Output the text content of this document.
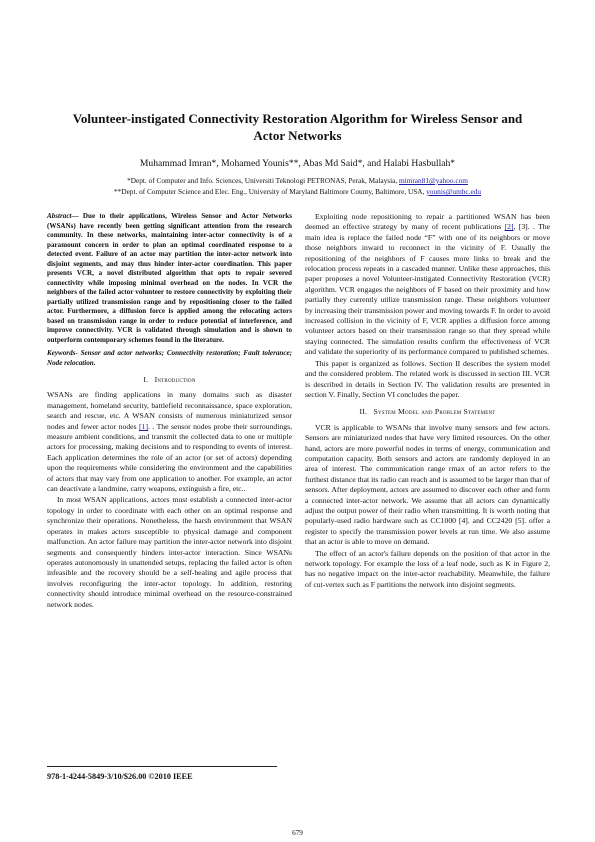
Volunteer-instigated Connectivity Restoration Algorithm for Wireless Sensor and
Actor Networks
Muhammad Imran*, Mohamed Younis**, Abas Md Said*, and Halabi Hasbullah*
*Dept. of Computer and Info. Sciences, Universiti Teknologi PETRONAS, Perak, Malaysia, mimran81@yahoo.com
**Dept. of Computer Science and Elec. Eng., University of Maryland Baltimore County, Baltimore, USA, younis@umbc.edu

Abstract— Due to their applications, Wireless Sensor and Actor Networks (WSANs) have recently been getting significant attention from the research community. In these networks, maintaining inter-actor connectivity is of a paramount concern in order to plan an optimal coordinated response to a detected event. Failure of an actor may partition the inter-actor network into disjoint segments, and may thus hinder inter-actor coordination. This paper presents VCR, a novel distributed algorithm that opts to repair severed connectivity while imposing minimal overhead on the nodes. In VCR the neighbors of the failed actor volunteer to restore connectivity by exploiting their partially utilized transmission range and by repositioning closer to the failed actor. Furthermore, a diffusion force is applied among the relocating actors based on transmission range in order to reduce potential of interference, and improve connectivity. VCR is validated through simulation and is shown to outperform contemporary schemes found in the literature.

Keywords- Sensor and actor networks; Connectivity restoration; Fault tolerance; Node relocation.

I. Introduction

WSANs are finding applications in many domains such as disaster management, homeland security, battlefield reconnaissance, space exploration, search and rescue, etc. A WSAN consists of numerous miniaturized sensor nodes and fewer actor nodes [1]. . The sensor nodes probe their surroundings, measure ambient conditions, and transmit the collected data to one or multiple actors for processing, making decisions and to responding to events of interest. Each application determines the role of an actor (or set of actors) depending upon the requirements while considering the environment and the capabilities of actors that may vary from one application to another. For example, an actor can deactivate a landmine, carry weapons, extinguish a fire, etc..

In most WSAN applications, actors must establish a connected inter-actor topology in order to coordinate with each other on an optimal response and synchronize their operations. Nonetheless, the harsh environment that WSAN operates in makes actors susceptible to physical damage and component malfunction. An actor failure may partition the inter-actor network into disjoint segments and consequently hinders inter-actor interaction. Since WSANs operates autonomously in unattended setups, replacing the failed actor is often infeasible and the recovery should be a self-healing and agile process that involves reconfiguring the inter-actor topology. In addition, restoring connectivity should introduce minimal overhead on the resource-constrained network nodes.

Exploiting node repositioning to repair a partitioned WSAN has been deemed an effective strategy by many of recent publications [2], [3]. . The main idea is replace the failed node “F” with one of its neighbors or move those neighbors inward to reconnect in the vicinity of F. Usually the repositioning of the neighbors of F causes more links to break and the relocation process repeats in a cascaded manner. Unlike these approaches, this paper proposes a novel Volunteer-instigated Connectivity Restoration (VCR) algorithm. VCR engages the neighbors of F based on their proximity and how partially they currently utilize transmission range. These neighbors volunteer by increasing their transmission power and moving towards F. In order to avoid increased collision in the vicinity of F, VCR applies a diffusion force among volunteer actors based on their transmission range so that they spread while staying connected. The simulation results confirm the effectiveness of VCR and validate the superiority of its performance compared to published schemes.

This paper is organized as follows. Section II describes the system model and the considered problem. The related work is discussed in section III. VCR is described in details in Section IV. The validation results are presented in section V. Finally, Section VI concludes the paper.

II. System Model and Problem Statement

VCR is applicable to WSANs that involve many sensors and few actors. Sensors are miniaturized nodes that have very limited resources. On the other hand, actors are more powerful nodes in terms of energy, communication and computation capacity. Both sensors and actors are randomly deployed in an area of interest. The communication range rmax of an actor refers to the furthest distance that its radio can reach and is assumed to be larger than that of sensors. After deployment, actors are assumed to discover each other and form a connected inter-actor network. We assume that all actors can dynamically adjust the output power of their radio when transmitting. It is worth noting that popularly-used radio hardware such as CC1000 [4]. and CC2420 [5]. offer a register to specify the transmission power levels at run time. We also assume that an actor is able to move on demand.

The effect of an actor's failure depends on the position of that actor in the network topology. For example the loss of a leaf node, such as K in Figure 2, has no negative impact on the inter-actor reachability. Meanwhile, the failure of cut-vertex such as F partitions the network into disjoint segments.

978-1-4244-5849-3/10/$26.00 ©2010 IEEE
679
